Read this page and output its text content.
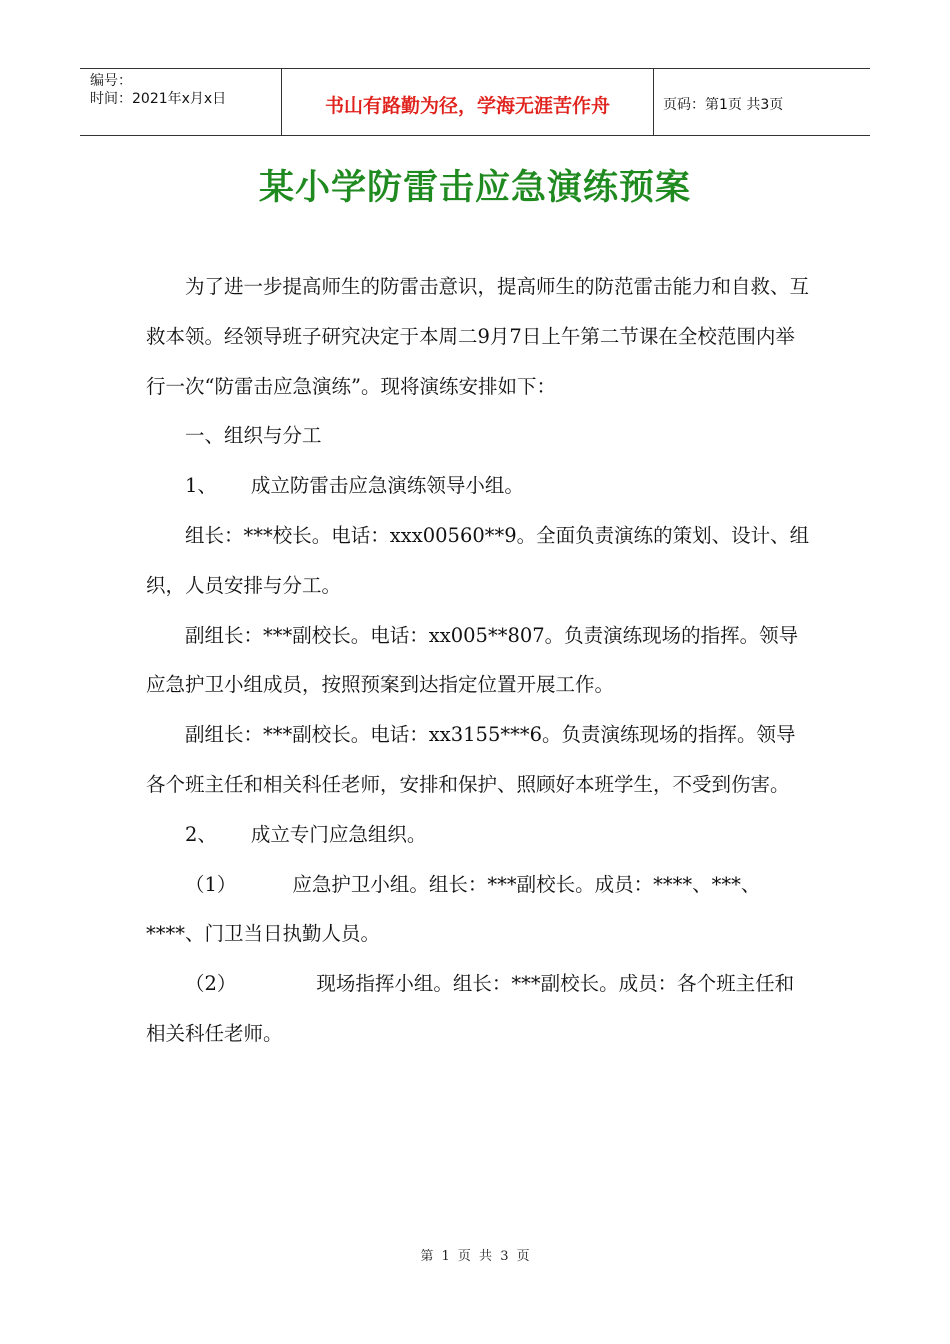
编号：
时间：2021年x月x日	书山有路勤为径，学海无涯苦作舟	页码：第1页 共3页
某小学防雷击应急演练预案

为了进一步提高师生的防雷击意识，提高师生的防范雷击能力和自救、互救本领。经领导班子研究决定于本周二9月7日上午第二节课在全校范围内举行一次“防雷击应急演练”。现将演练安排如下：

一、组织与分工

1、 成立防雷击应急演练领导小组。

组长：***校长。电话：xxx00560**9。全面负责演练的策划、设计、组织，人员安排与分工。

副组长：***副校长。电话：xx005**807。负责演练现场的指挥。领导应急护卫小组成员，按照预案到达指定位置开展工作。

副组长：***副校长。电话：xx3155***6。负责演练现场的指挥。领导各个班主任和相关科任老师，安排和保护、照顾好本班学生，不受到伤害。

2、 成立专门应急组织。

（1）	应急护卫小组。组长：***副校长。成员：****、***、****、门卫当日执勤人员。

（2）	现场指挥小组。组长：***副校长。成员：各个班主任和相关科任老师。

第 1 页 共 3 页
